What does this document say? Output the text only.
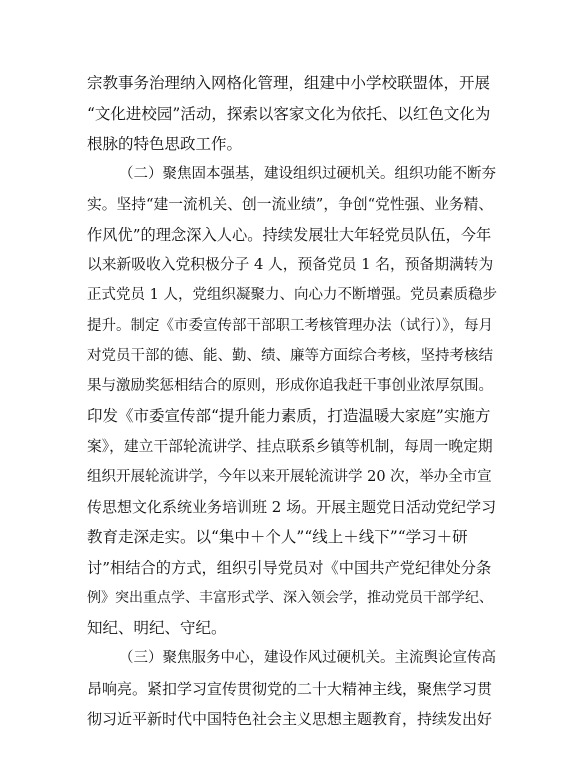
宗教事务治理纳入网格化管理，组建中小学校联盟体，开展
“文化进校园”活动，探索以客家文化为依托、以红色文化为
根脉的特色思政工作。
（二）聚焦固本强基，建设组织过硬机关。组织功能不断夯
实。坚持“建一流机关、创一流业绩”，争创“党性强、业务精、
作风优”的理念深入人心。持续发展壮大年轻党员队伍，今年
以来新吸收入党积极分子 4 人，预备党员 1 名，预备期满转为
正式党员 1 人，党组织凝聚力、向心力不断增强。党员素质稳步
提升。制定《市委宣传部干部职工考核管理办法（试行）》，每月
对党员干部的德、能、勤、绩、廉等方面综合考核，坚持考核结
果与激励奖惩相结合的原则，形成你追我赶干事创业浓厚氛围。
印发《市委宣传部“提升能力素质，打造温暖大家庭”实施方
案》，建立干部轮流讲学、挂点联系乡镇等机制，每周一晚定期
组织开展轮流讲学，今年以来开展轮流讲学 20 次，举办全市宣
传思想文化系统业务培训班 2 场。开展主题党日活动党纪学习
教育走深走实。以“集中＋个人”“线上＋线下”“学习＋研
讨”相结合的方式，组织引导党员对《中国共产党纪律处分条
例》突出重点学、丰富形式学、深入领会学，推动党员干部学纪、
知纪、明纪、守纪。
（三）聚焦服务中心，建设作风过硬机关。主流舆论宣传高
昂响亮。紧扣学习宣传贯彻党的二十大精神主线，聚焦学习贯
彻习近平新时代中国特色社会主义思想主题教育，持续发出好
